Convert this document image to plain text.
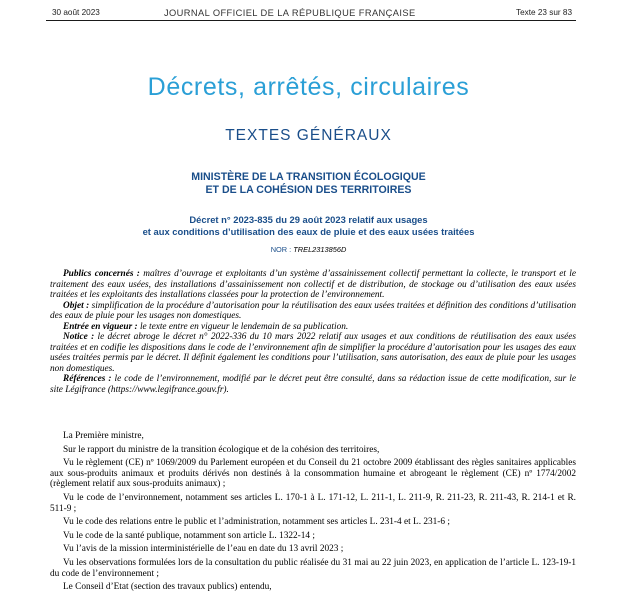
30 août 2023	JOURNAL OFFICIEL DE LA RÉPUBLIQUE FRANÇAISE	Texte 23 sur 83
Décrets, arrêtés, circulaires
TEXTES GÉNÉRAUX
MINISTÈRE DE LA TRANSITION ÉCOLOGIQUE
ET DE LA COHÉSION DES TERRITOIRES
Décret n° 2023-835 du 29 août 2023 relatif aux usages
et aux conditions d’utilisation des eaux de pluie et des eaux usées traitées
NOR : TREL2313856D

Publics concernés : maîtres d’ouvrage et exploitants d’un système d’assainissement collectif permettant la collecte, le transport et le traitement des eaux usées, des installations d’assainissement non collectif et de distribution, de stockage ou d’utilisation des eaux usées traitées et les exploitants des installations classées pour la protection de l’environnement.

Objet : simplification de la procédure d’autorisation pour la réutilisation des eaux usées traitées et définition des conditions d’utilisation des eaux de pluie pour les usages non domestiques.

Entrée en vigueur : le texte entre en vigueur le lendemain de sa publication.

Notice : le décret abroge le décret n° 2022-336 du 10 mars 2022 relatif aux usages et aux conditions de réutilisation des eaux usées traitées et en codifie les dispositions dans le code de l’environnement afin de simplifier la procédure d’autorisation pour les usages des eaux usées traitées permis par le décret. Il définit également les conditions pour l’utilisation, sans autorisation, des eaux de pluie pour les usages non domestiques.

Références : le code de l’environnement, modifié par le décret peut être consulté, dans sa rédaction issue de cette modification, sur le site Légifrance (https://www.legifrance.gouv.fr).

La Première ministre,

Sur le rapport du ministre de la transition écologique et de la cohésion des territoires,

Vu le règlement (CE) nº 1069/2009 du Parlement européen et du Conseil du 21 octobre 2009 établissant des règles sanitaires applicables aux sous-produits animaux et produits dérivés non destinés à la consommation humaine et abrogeant le règlement (CE) nº 1774/2002 (règlement relatif aux sous-produits animaux) ;

Vu le code de l’environnement, notamment ses articles L. 170-1 à L. 171-12, L. 211-1, L. 211-9, R. 211-23, R. 211-43, R. 214-1 et R. 511-9 ;

Vu le code des relations entre le public et l’administration, notamment ses articles L. 231-4 et L. 231-6 ;

Vu le code de la santé publique, notamment son article L. 1322-14 ;

Vu l’avis de la mission interministérielle de l’eau en date du 13 avril 2023 ;

Vu les observations formulées lors de la consultation du public réalisée du 31 mai au 22 juin 2023, en application de l’article L. 123-19-1 du code de l’environnement ;

Le Conseil d’Etat (section des travaux publics) entendu,
